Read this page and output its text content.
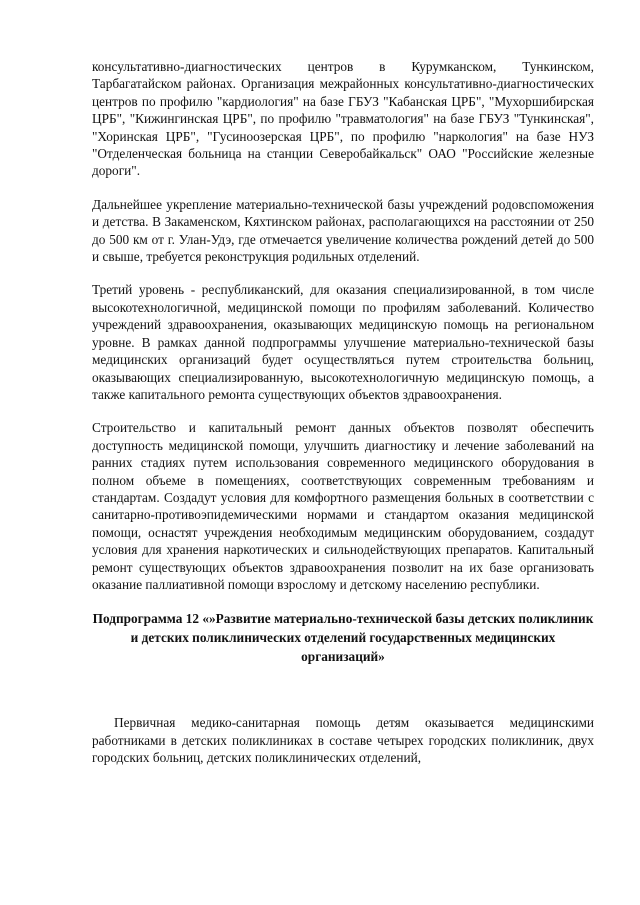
консультативно-диагностических центров в Курумканском, Тункинском, Тарбагатайском районах. Организация межрайонных консультативно-диагностических центров по профилю "кардиология" на базе ГБУЗ "Кабанская ЦРБ", "Мухоршибирская ЦРБ", "Кижингинская ЦРБ", по профилю "травматология" на базе ГБУЗ "Тункинская", "Хоринская ЦРБ", "Гусиноозерская ЦРБ", по профилю "наркология" на базе НУЗ "Отделенческая больница на станции Северобайкальск" ОАО "Российские железные дороги".

Дальнейшее укрепление материально-технической базы учреждений родовспоможения и детства. В Закаменском, Кяхтинском районах, располагающихся на расстоянии от 250 до 500 км от г. Улан-Удэ, где отмечается увеличение количества рождений детей до 500 и свыше, требуется реконструкция родильных отделений.

Третий уровень - республиканский, для оказания специализированной, в том числе высокотехнологичной, медицинской помощи по профилям заболеваний. Количество учреждений здравоохранения, оказывающих медицинскую помощь на региональном уровне. В рамках данной подпрограммы улучшение материально-технической базы медицинских организаций будет осуществляться путем строительства больниц, оказывающих специализированную, высокотехнологичную медицинскую помощь, а также капитального ремонта существующих объектов здравоохранения.

Строительство и капитальный ремонт данных объектов позволят обеспечить доступность медицинской помощи, улучшить диагностику и лечение заболеваний на ранних стадиях путем использования современного медицинского оборудования в полном объеме в помещениях, соответствующих современным требованиям и стандартам. Создадут условия для комфортного размещения больных в соответствии с санитарно-противоэпидемическими нормами и стандартом оказания медицинской помощи, оснастят учреждения необходимым медицинским оборудованием, создадут условия для хранения наркотических и сильнодействующих препаратов. Капитальный ремонт существующих объектов здравоохранения позволит на их базе организовать оказание паллиативной помощи взрослому и детскому населению республики.

Подпрограмма 12 «»Развитие материально-технической базы детских поликлиник и детских поликлинических отделений государственных медицинских организаций»

Первичная медико-санитарная помощь детям оказывается медицинскими работниками в детских поликлиниках в составе четырех городских поликлиник, двух городских больниц, детских поликлинических отделений,
